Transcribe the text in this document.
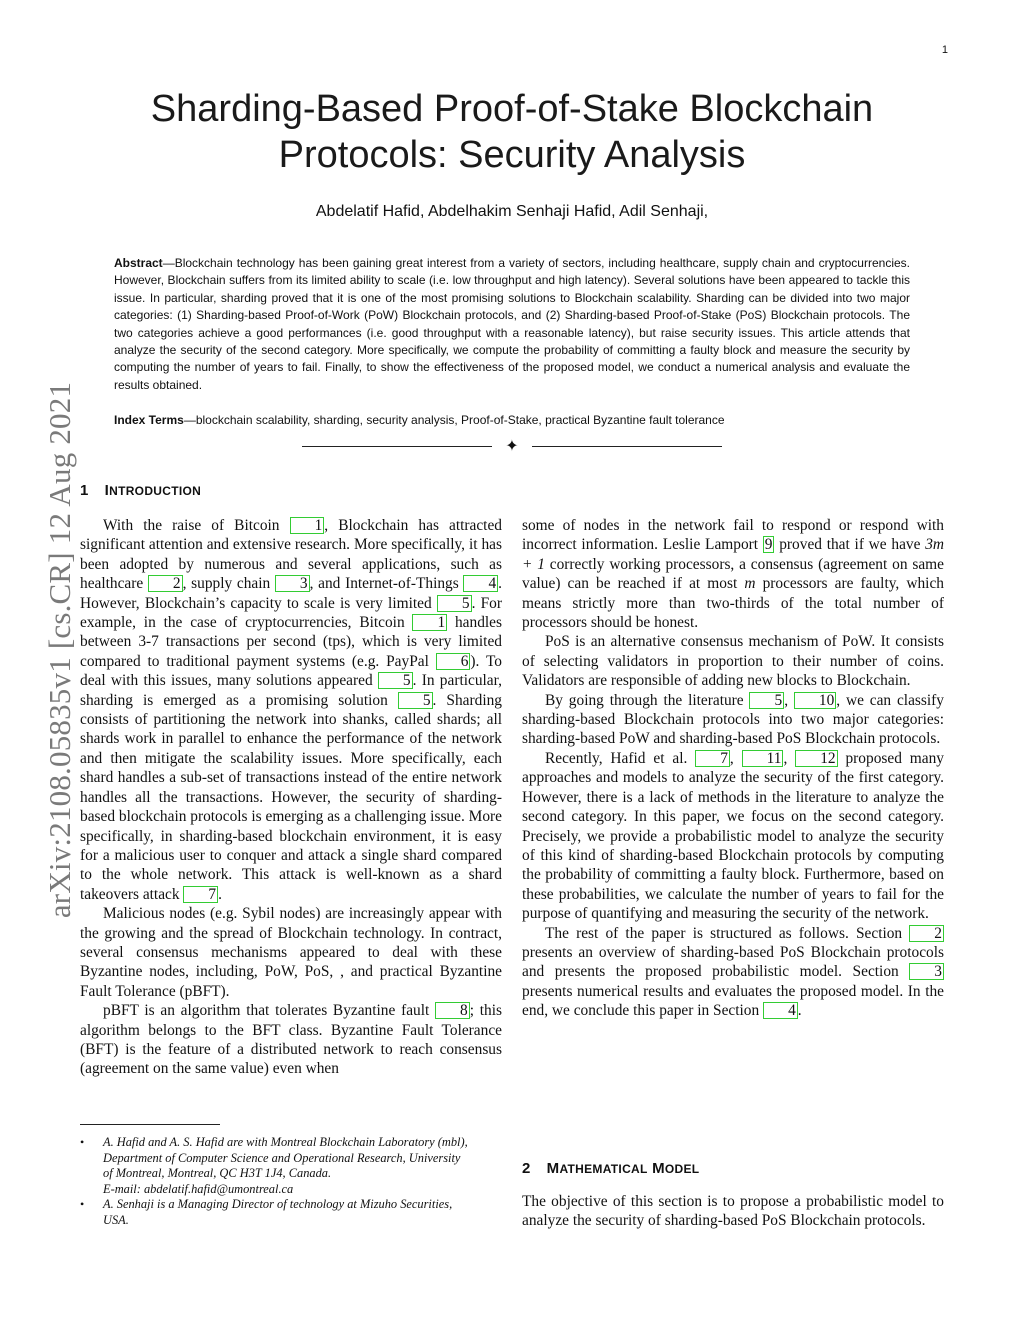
1
arXiv:2108.05835v1 [cs.CR] 12 Aug 2021
Sharding-Based Proof-of-Stake Blockchain
Protocols: Security Analysis
Abdelatif Hafid, Abdelhakim Senhaji Hafid, Adil Senhaji,

Abstract—Blockchain technology has been gaining great interest from a variety of sectors, including healthcare, supply chain and cryptocurrencies. However, Blockchain suffers from its limited ability to scale (i.e. low throughput and high latency). Several solutions have been appeared to tackle this issue. In particular, sharding proved that it is one of the most promising solutions to Blockchain scalability. Sharding can be divided into two major categories: (1) Sharding-based Proof-of-Work (PoW) Blockchain protocols, and (2) Sharding-based Proof-of-Stake (PoS) Blockchain protocols. The two categories achieve a good performances (i.e. good throughput with a reasonable latency), but raise security issues. This article attends that analyze the security of the second category. More specifically, we compute the probability of committing a faulty block and measure the security by computing the number of years to fail. Finally, to show the effectiveness of the proposed model, we conduct a numerical analysis and evaluate the results obtained.

Index Terms—blockchain scalability, sharding, security analysis, Proof-of-Stake, practical Byzantine fault tolerance

✦
1 INTRODUCTION

With the raise of Bitcoin 1 , Blockchain has attracted significant attention and extensive research. More specifically, it has been adopted by numerous and several applications, such as healthcare 2 , supply chain 3 , and Internet-of-Things 4 . However, Blockchain’s capacity to scale is very limited 5 . For example, in the case of cryptocurrencies, Bitcoin 1 handles between 3-7 transactions per second (tps), which is very limited compared to traditional payment systems (e.g. PayPal 6 ). To deal with this issues, many solutions appeared 5 . In particular, sharding is emerged as a promising solution 5 . Sharding consists of partitioning the network into shanks, called shards; all shards work in parallel to enhance the performance of the network and then mitigate the scalability issues. More specifically, each shard handles a sub-set of transactions instead of the entire network handles all the transactions. However, the security of sharding-based blockchain protocols is emerging as a challenging issue. More specifically, in sharding-based blockchain environment, it is easy for a malicious user to conquer and attack a single shard compared to the whole network. This attack is well-known as a shard takeovers attack 7 .

Malicious nodes (e.g. Sybil nodes) are increasingly appear with the growing and the spread of Blockchain technology. In contract, several consensus mechanisms appeared to deal with these Byzantine nodes, including, PoW, PoS, , and practical Byzantine Fault Tolerance (pBFT).

pBFT is an algorithm that tolerates Byzantine fault 8 ; this algorithm belongs to the BFT class. Byzantine Fault Tolerance (BFT) is the feature of a distributed network to reach consensus (agreement on the same value) even when

• A. Hafid and A. S. Hafid are with Montreal Blockchain Laboratory (mbl),
Department of Computer Science and Operational Research, University
of Montreal, Montreal, QC H3T 1J4, Canada.
E-mail: abdelatif.hafid@umontreal.ca
• A. Senhaji is a Managing Director of technology at Mizuho Securities,
USA.

some of nodes in the network fail to respond or respond with incorrect information. Leslie Lamport 9 proved that if we have 3m + 1 correctly working processors, a consensus (agreement on same value) can be reached if at most m processors are faulty, which means strictly more than two-thirds of the total number of processors should be honest.

PoS is an alternative consensus mechanism of PoW. It consists of selecting validators in proportion to their number of coins. Validators are responsible of adding new blocks to Blockchain.

By going through the literature 5 , 10 , we can classify sharding-based Blockchain protocols into two major categories: sharding-based PoW and sharding-based PoS Blockchain protocols.

Recently, Hafid et al. 7 , 11 , 12 proposed many approaches and models to analyze the security of the first category. However, there is a lack of methods in the literature to analyze the second category. In this paper, we focus on the second category. Precisely, we provide a probabilistic model to analyze the security of this kind of sharding-based Blockchain protocols by computing the probability of committing a faulty block. Furthermore, based on these probabilities, we calculate the number of years to fail for the purpose of quantifying and measuring the security of the network.

The rest of the paper is structured as follows. Section 2 presents an overview of sharding-based PoS Blockchain protocols and presents the proposed probabilistic model. Section 3 presents numerical results and evaluates the proposed model. In the end, we conclude this paper in Section 4 .

2 MATHEMATICAL MODEL

The objective of this section is to propose a probabilistic model to analyze the security of sharding-based PoS Blockchain protocols.
